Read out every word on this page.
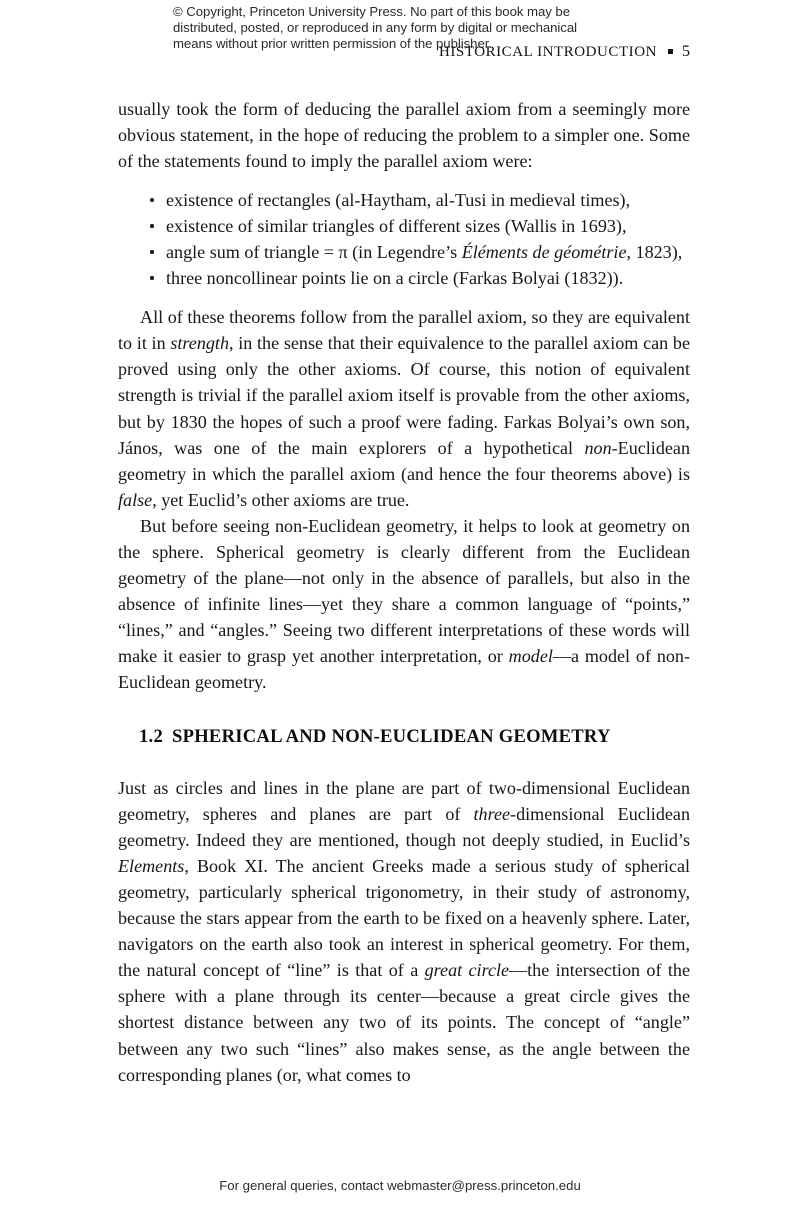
© Copyright, Princeton University Press. No part of this book may be
distributed, posted, or reproduced in any form by digital or mechanical
means without prior written permission of the publisher.
HISTORICAL INTRODUCTION 5

usually took the form of deducing the parallel axiom from a seemingly more obvious statement, in the hope of reducing the problem to a simpler one. Some of the statements found to imply the parallel axiom were:

existence of rectangles (al-Haytham, al-Tusi in medieval times),
existence of similar triangles of different sizes (Wallis in 1693),
angle sum of triangle = π (in Legendre’s Éléments de géométrie, 1823),
three noncollinear points lie on a circle (Farkas Bolyai (1832)).

All of these theorems follow from the parallel axiom, so they are equivalent to it in strength, in the sense that their equivalence to the parallel axiom can be proved using only the other axioms. Of course, this notion of equivalent strength is trivial if the parallel axiom itself is provable from the other axioms, but by 1830 the hopes of such a proof were fading. Farkas Bolyai’s own son, János, was one of the main explorers of a hypothetical non-Euclidean geometry in which the parallel axiom (and hence the four theorems above) is false, yet Euclid’s other axioms are true.

But before seeing non-Euclidean geometry, it helps to look at geometry on the sphere. Spherical geometry is clearly different from the Euclidean geometry of the plane—not only in the absence of parallels, but also in the absence of infinite lines—yet they share a common language of “points,” “lines,” and “angles.” Seeing two different interpretations of these words will make it easier to grasp yet another interpretation, or model—a model of non-Euclidean geometry.

1.2 SPHERICAL AND NON-EUCLIDEAN GEOMETRY

Just as circles and lines in the plane are part of two-dimensional Euclidean geometry, spheres and planes are part of three-dimensional Euclidean geometry. Indeed they are mentioned, though not deeply studied, in Euclid’s Elements, Book XI. The ancient Greeks made a serious study of spherical geometry, particularly spherical trigonometry, in their study of astronomy, because the stars appear from the earth to be fixed on a heavenly sphere. Later, navigators on the earth also took an interest in spherical geometry. For them, the natural concept of “line” is that of a great circle—the intersection of the sphere with a plane through its center—because a great circle gives the shortest distance between any two of its points. The concept of “angle” between any two such “lines” also makes sense, as the angle between the corresponding planes (or, what comes to

For general queries, contact webmaster@press.princeton.edu
